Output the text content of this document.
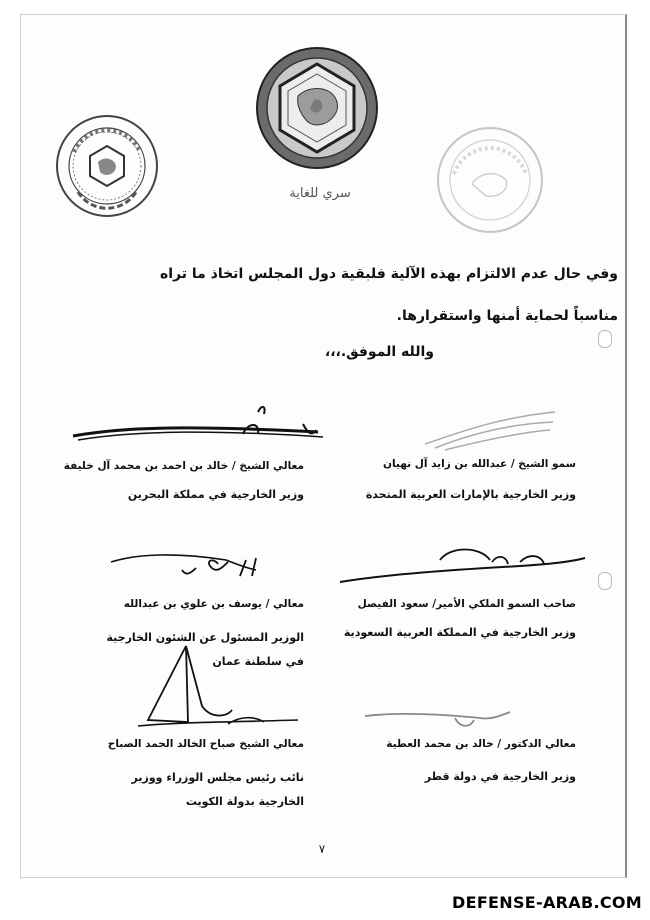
سري للغاية
وفي حال عدم الالتزام بهذه الآلية فلبقية دول المجلس اتخاذ ما تراه
مناسباً لحماية أمنها واستقرارها.
والله الموفق.،،،
معالي الشيخ / خالد بن احمد بن محمد آل خليفة
وزير الخارجية في مملكة البحرين
سمو الشيخ / عبدالله بن زايد آل نهيان
وزير الخارجية بالإمارات العربية المتحدة
معالي / يوسف بن علوي بن عبدالله
الوزير المسئول عن الشئون الخارجية في سلطنة عمان
صاحب السمو الملكي الأمير/ سعود الفيصل
وزير الخارجية في المملكة العربية السعودية
معالي الشيخ صباح الخالد الحمد الصباح
نائب رئيس مجلس الوزراء ووزير الخارجية بدولة الكويت
معالي الدكتور / خالد بن محمد العطية
وزير الخارجية في دولة قطر
٧
DEFENSE-ARAB.COM
